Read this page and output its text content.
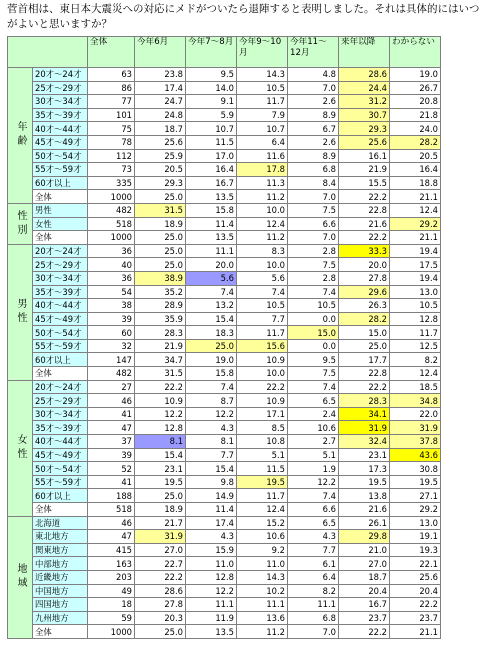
菅首相は、東日本大震災への対応にメドがついたら退陣すると表明しました。それは具体的にはいつがよいと思いますか？
		全体	今年6月	今年7～8月	今年9～10月	今年11～12月	来年以降	わからない
年齢	20才～24才	63	23.8	9.5	14.3	4.8	28.6	19.0
	25才～29才	86	17.4	14.0	10.5	7.0	24.4	26.7
	30才～34才	77	24.7	9.1	11.7	2.6	31.2	20.8
	35才～39才	101	24.8	5.9	7.9	8.9	30.7	21.8
	40才～44才	75	18.7	10.7	10.7	6.7	29.3	24.0
	45才～49才	78	25.6	11.5	6.4	2.6	25.6	28.2
	50才～54才	112	25.9	17.0	11.6	8.9	16.1	20.5
	55才～59才	73	20.5	16.4	17.8	6.8	21.9	16.4
	60才以上	335	29.3	16.7	11.3	8.4	15.5	18.8
	全体	1000	25.0	13.5	11.2	7.0	22.2	21.1
性別	男性	482	31.5	15.8	10.0	7.5	22.8	12.4
	女性	518	18.9	11.4	12.4	6.6	21.6	29.2
	全体	1000	25.0	13.5	11.2	7.0	22.2	21.1
男性	20才～24才	36	25.0	11.1	8.3	2.8	33.3	19.4
	25才～29才	40	25.0	20.0	10.0	7.5	20.0	17.5
	30才～34才	36	38.9	5.6	5.6	2.8	27.8	19.4
	35才～39才	54	35.2	7.4	7.4	7.4	29.6	13.0
	40才～44才	38	28.9	13.2	10.5	10.5	26.3	10.5
	45才～49才	39	35.9	15.4	7.7	0.0	28.2	12.8
	50才～54才	60	28.3	18.3	11.7	15.0	15.0	11.7
	55才～59才	32	21.9	25.0	15.6	0.0	25.0	12.5
	60才以上	147	34.7	19.0	10.9	9.5	17.7	8.2
	全体	482	31.5	15.8	10.0	7.5	22.8	12.4
女性	20才～24才	27	22.2	7.4	22.2	7.4	22.2	18.5
	25才～29才	46	10.9	8.7	10.9	6.5	28.3	34.8
	30才～34才	41	12.2	12.2	17.1	2.4	34.1	22.0
	35才～39才	47	12.8	4.3	8.5	10.6	31.9	31.9
	40才～44才	37	8.1	8.1	10.8	2.7	32.4	37.8
	45才～49才	39	15.4	7.7	5.1	5.1	23.1	43.6
	50才～54才	52	23.1	15.4	11.5	1.9	17.3	30.8
	55才～59才	41	19.5	9.8	19.5	12.2	19.5	19.5
	60才以上	188	25.0	14.9	11.7	7.4	13.8	27.1
	全体	518	18.9	11.4	12.4	6.6	21.6	29.2
地域	北海道	46	21.7	17.4	15.2	6.5	26.1	13.0
	東北地方	47	31.9	4.3	10.6	4.3	29.8	19.1
	関東地方	415	27.0	15.9	9.2	7.7	21.0	19.3
	中部地方	163	22.7	11.0	11.0	6.1	27.0	22.1
	近畿地方	203	22.2	12.8	14.3	6.4	18.7	25.6
	中国地方	49	28.6	12.2	10.2	8.2	20.4	20.4
	四国地方	18	27.8	11.1	11.1	11.1	16.7	22.2
	九州地方	59	20.3	11.9	13.6	6.8	23.7	23.7
	全体	1000	25.0	13.5	11.2	7.0	22.2	21.1
